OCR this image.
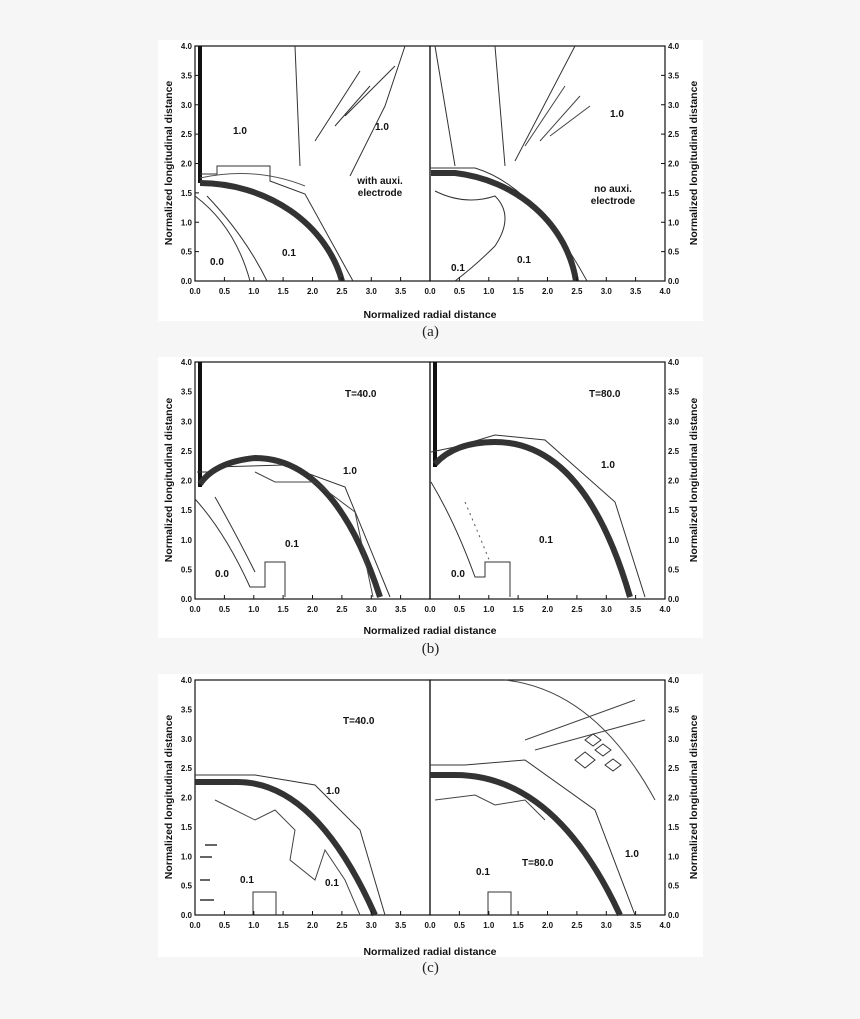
0.0 0.5 1.0 1.5 2.0 2.5 3.0 3.5 0.0 0.5 1.0 1.5 2.0 2.5 3.0 3.5 4.0
0.0
0.5
1.0
1.5
2.0
2.5
3.0
3.5
4.0
0.0
0.5
1.0
1.5
2.0
2.5
3.0
3.5
4.0
Normalized radial distance
Normalized longitudinal distance	Normalized longitudinal distance
1.0	1.0
0.1
0.0
with auxi.
electrode
1.0
0.1
0.1
no auxi.
electrode
(a)
0.0 0.5 1.0 1.5 2.0 2.5 3.0 3.5 0.0 0.5 1.0 1.5 2.0 2.5 3.0 3.5 4.0
0.0
0.5
1.0
1.5
2.0
2.5
3.0
3.5
4.0
0.0
0.5
1.0
1.5
2.0
2.5
3.0
3.5
4.0
Normalized radial distance
Normalized longitudinal distance	Normalized longitudinal distance
T=40.0
1.0
0.1
0.0
T=80.0
1.0
0.1
0.0
(b)
0.0 0.5 1.0 1.5 2.0 2.5 3.0 3.5 0.0 0.5 1.0 1.5 2.0 2.5 3.0 3.5 4.0
0.0
0.5
1.0
1.5
2.0
2.5
3.0
3.5
4.0
0.0
0.5
1.0
1.5
2.0
2.5
3.0
3.5
4.0
Normalized radial distance
Normalized longitudinal distance	Normalized longitudinal distance
T=40.0
1.0
0.1	0.1
T=80.0
1.0
0.1
(c)
